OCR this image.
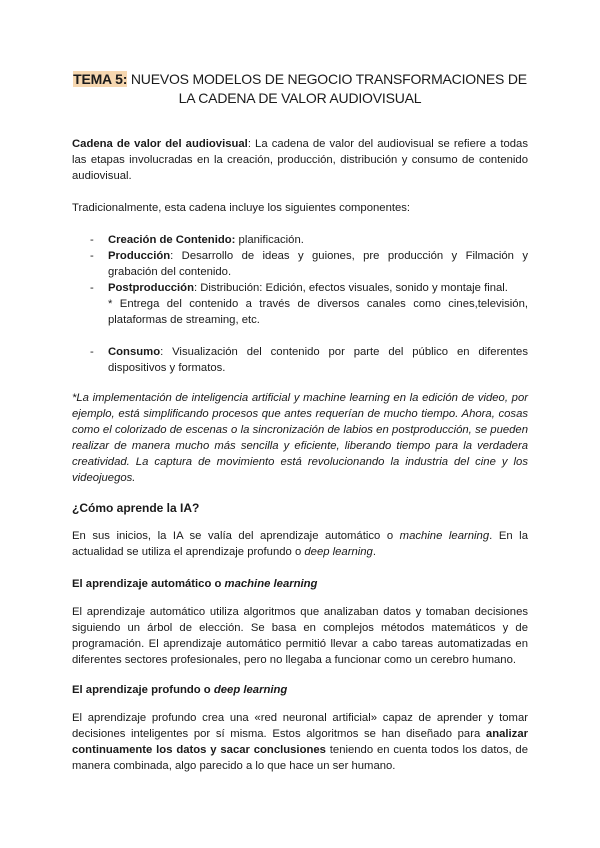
TEMA 5: NUEVOS MODELOS DE NEGOCIO TRANSFORMACIONES DE
LA CADENA DE VALOR AUDIOVISUAL

Cadena de valor del audiovisual: La cadena de valor del audiovisual se refiere a todas las etapas involucradas en la creación, producción, distribución y consumo de contenido audiovisual.

Tradicionalmente, esta cadena incluye los siguientes componentes:

- Creación de Contenido: planificación.
- Producción: Desarrollo de ideas y guiones, pre producción y Filmación y grabación del contenido.
- Postproducción: Distribución: Edición, efectos visuales, sonido y montaje final.

* Entrega del contenido a través de diversos canales como cines,televisión, plataformas de streaming, etc.

- Consumo: Visualización del contenido por parte del público en diferentes dispositivos y formatos.

*La implementación de inteligencia artificial y machine learning en la edición de video, por ejemplo, está simplificando procesos que antes requerían de mucho tiempo. Ahora, cosas como el colorizado de escenas o la sincronización de labios en postproducción, se pueden realizar de manera mucho más sencilla y eficiente, liberando tiempo para la verdadera creatividad. La captura de movimiento está revolucionando la industria del cine y los videojuegos.

¿Cómo aprende la IA?

En sus inicios, la IA se valía del aprendizaje automático o machine learning. En la actualidad se utiliza el aprendizaje profundo o deep learning.

El aprendizaje automático o machine learning

El aprendizaje automático utiliza algoritmos que analizaban datos y tomaban decisiones siguiendo un árbol de elección. Se basa en complejos métodos matemáticos y de programación. El aprendizaje automático permitió llevar a cabo tareas automatizadas en diferentes sectores profesionales, pero no llegaba a funcionar como un cerebro humano.

El aprendizaje profundo o deep learning

El aprendizaje profundo crea una «red neuronal artificial» capaz de aprender y tomar decisiones inteligentes por sí misma. Estos algoritmos se han diseñado para analizar continuamente los datos y sacar conclusiones teniendo en cuenta todos los datos, de manera combinada, algo parecido a lo que hace un ser humano.
